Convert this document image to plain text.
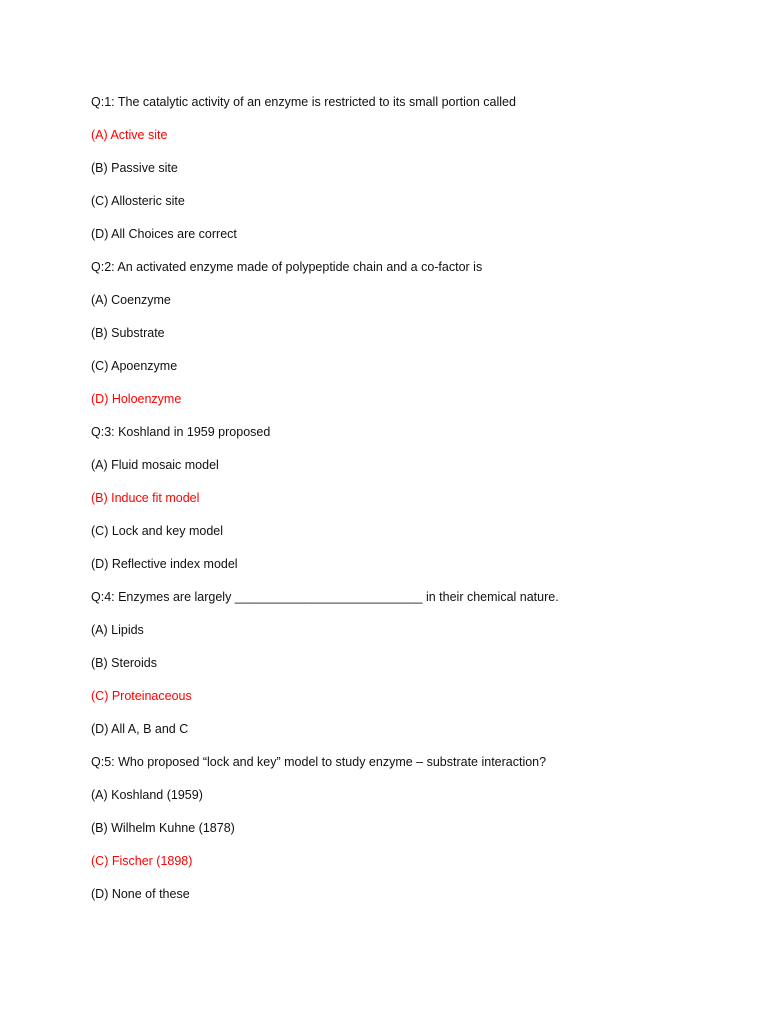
Q:1: The catalytic activity of an enzyme is restricted to its small portion called
(A) Active site
(B) Passive site
(C) Allosteric site
(D) All Choices are correct
Q:2: An activated enzyme made of polypeptide chain and a co-factor is
(A) Coenzyme
(B) Substrate
(C) Apoenzyme
(D) Holoenzyme
Q:3: Koshland in 1959 proposed
(A) Fluid mosaic model
(B) Induce fit model
(C) Lock and key model
(D) Reflective index model
Q:4: Enzymes are largely ___________________________ in their chemical nature.
(A) Lipids
(B) Steroids
(C) Proteinaceous
(D) All A, B and C
Q:5: Who proposed “lock and key” model to study enzyme – substrate interaction?
(A) Koshland (1959)
(B) Wilhelm Kuhne (1878)
(C) Fischer (1898)
(D) None of these
